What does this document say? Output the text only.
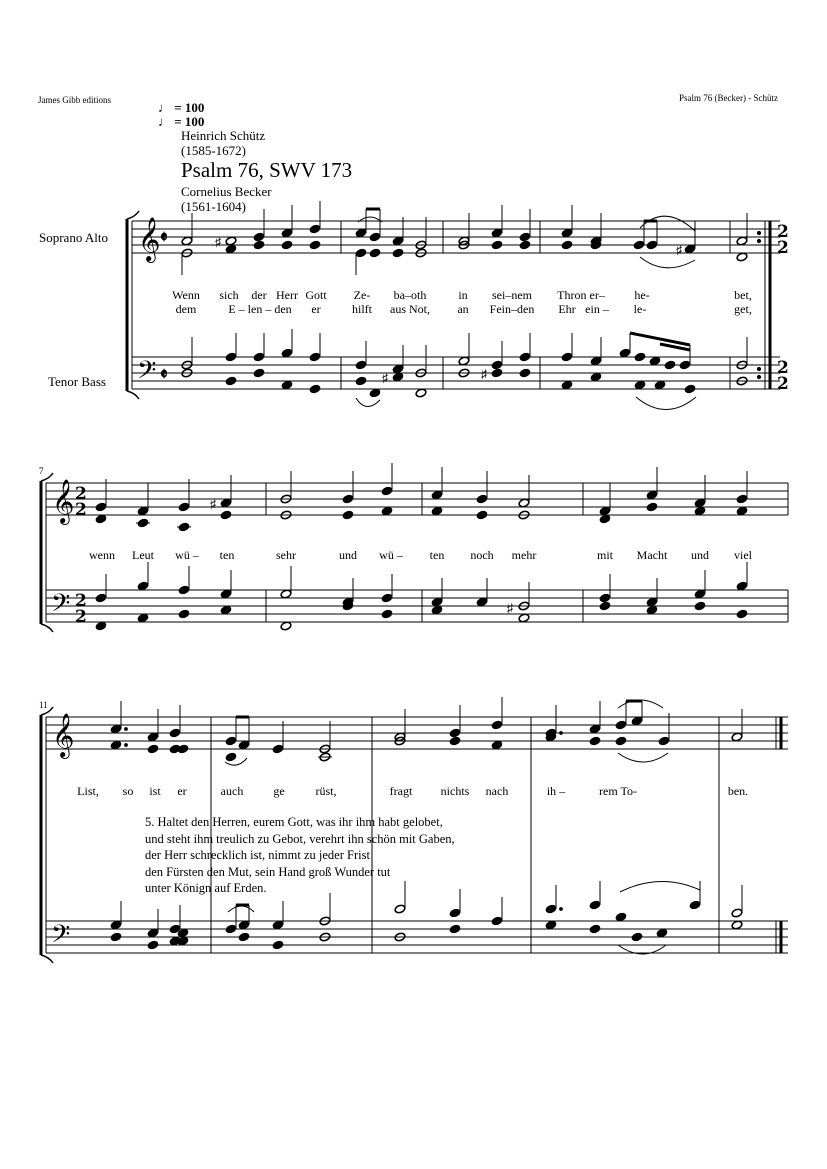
James Gibb editions	Psalm 76 (Becker) - Schütz
♩ = 100
♩ = 100
Heinrich Schütz
(1585-1672)
Psalm 76, SWV 173
Cornelius Becker
(1561-1604)
Soprano Alto
Tenor Bass
7
11
𝄞
𝄢
𝄵
𝄵
2
2
2
2
♯
♯
♯	♯
𝄞
𝄢
2
2
2
2
♯
♯
𝄞
𝄢
Wenn sich der Herr Gott Ze- ba–oth	in sei–nem Thron er– he-	bet,
dem	E – len – den er	hilft aus Not, an Fein–den Ehr ein – le-	get,
wenn Leut wü – ten	sehr	und wü – ten noch mehr	mit Macht und viel
List, so ist er	auch	ge	rüst,	fragt nichts nach	ih –	rem To-	ben.
5. Haltet den Herren, eurem Gott, was ihr ihm habt gelobet,
und steht ihm treulich zu Gebot, verehrt ihn schön mit Gaben,
der Herr schrecklich ist, nimmt zu jeder Frist
den Fürsten den Mut, sein Hand groß Wunder tut
unter Könign auf Erden.
